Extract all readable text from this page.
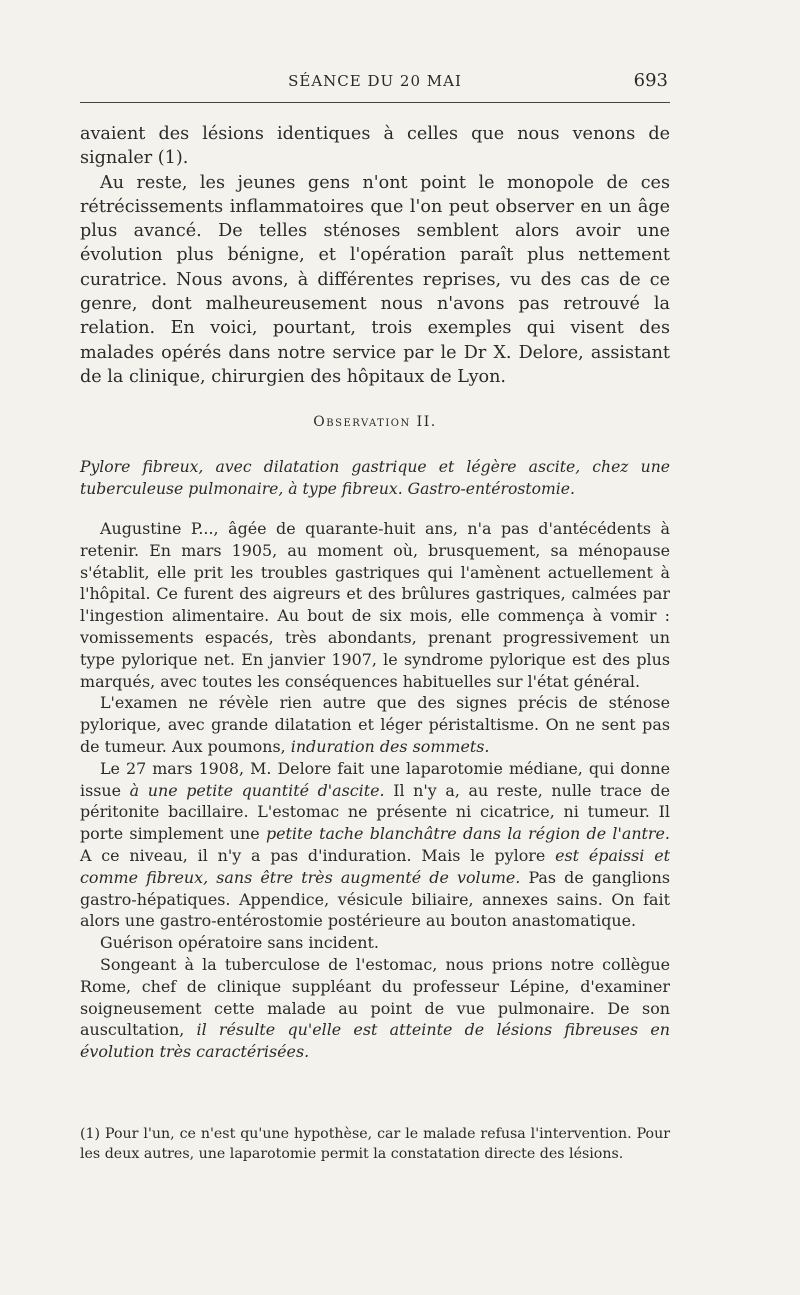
SÉANCE DU 20 MAI	693

avaient des lésions identiques à celles que nous venons de signaler (1).

Au reste, les jeunes gens n'ont point le monopole de ces rétrécissements inflammatoires que l'on peut observer en un âge plus avancé. De telles sténoses semblent alors avoir une évolution plus bénigne, et l'opération paraît plus nettement curatrice. Nous avons, à différentes reprises, vu des cas de ce genre, dont malheureusement nous n'avons pas retrouvé la relation. En voici, pourtant, trois exemples qui visent des malades opérés dans notre service par le Dr X. Delore, assistant de la clinique, chirurgien des hôpitaux de Lyon.

Observation II.
Pylore fibreux, avec dilatation gastrique et légère ascite, chez une tuberculeuse pulmonaire, à type fibreux. Gastro-entérostomie.

Augustine P..., âgée de quarante-huit ans, n'a pas d'antécédents à retenir. En mars 1905, au moment où, brusquement, sa ménopause s'établit, elle prit les troubles gastriques qui l'amènent actuellement à l'hôpital. Ce furent des aigreurs et des brûlures gastriques, calmées par l'ingestion alimentaire. Au bout de six mois, elle commença à vomir : vomissements espacés, très abondants, prenant progressivement un type pylorique net. En janvier 1907, le syndrome pylorique est des plus marqués, avec toutes les conséquences habituelles sur l'état général.

L'examen ne révèle rien autre que des signes précis de sténose pylorique, avec grande dilatation et léger péristaltisme. On ne sent pas de tumeur. Aux poumons, induration des sommets.

Le 27 mars 1908, M. Delore fait une laparotomie médiane, qui donne issue à une petite quantité d'ascite. Il n'y a, au reste, nulle trace de péritonite bacillaire. L'estomac ne présente ni cicatrice, ni tumeur. Il porte simplement une petite tache blanchâtre dans la région de l'antre. A ce niveau, il n'y a pas d'induration. Mais le pylore est épaissi et comme fibreux, sans être très augmenté de volume. Pas de ganglions gastro-hépatiques. Appendice, vésicule biliaire, annexes sains. On fait alors une gastro-entérostomie postérieure au bouton anastomatique.

Guérison opératoire sans incident.

Songeant à la tuberculose de l'estomac, nous prions notre collègue Rome, chef de clinique suppléant du professeur Lépine, d'examiner soigneusement cette malade au point de vue pulmonaire. De son auscultation, il résulte qu'elle est atteinte de lésions fibreuses en évolution très caractérisées.

(1) Pour l'un, ce n'est qu'une hypothèse, car le malade refusa l'intervention. Pour les deux autres, une laparotomie permit la constatation directe des lésions.
